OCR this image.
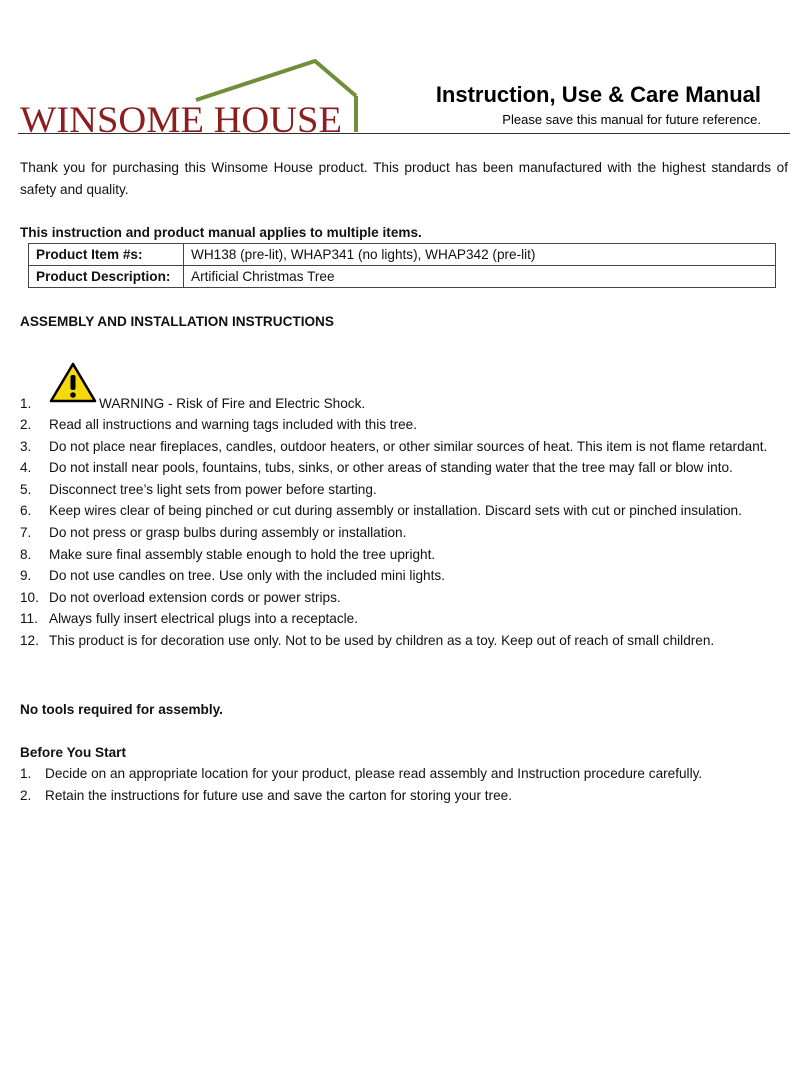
WINSOME HOUSE
Instruction, Use & Care Manual
Please save this manual for future reference.
Thank you for purchasing this Winsome House product. This product has been manufactured with the highest standards of safety and quality.
This instruction and product manual applies to multiple items.
Product Item #s:	WH138 (pre-lit), WHAP341 (no lights), WHAP342 (pre-lit)
Product Description:	Artificial Christmas Tree
ASSEMBLY AND INSTALLATION INSTRUCTIONS
1.	WARNING - Risk of Fire and Electric Shock.
2. Read all instructions and warning tags included with this tree.
3. Do not place near fireplaces, candles, outdoor heaters, or other similar sources of heat. This item is not flame retardant.
4. Do not install near pools, fountains, tubs, sinks, or other areas of standing water that the tree may fall or blow into.
5. Disconnect tree’s light sets from power before starting.
6. Keep wires clear of being pinched or cut during assembly or installation. Discard sets with cut or pinched insulation.
7. Do not press or grasp bulbs during assembly or installation.
8. Make sure final assembly stable enough to hold the tree upright.
9. Do not use candles on tree. Use only with the included mini lights.
10. Do not overload extension cords or power strips.
11. Always fully insert electrical plugs into a receptacle.
12. This product is for decoration use only. Not to be used by children as a toy. Keep out of reach of small children.
No tools required for assembly.
Before You Start
1. Decide on an appropriate location for your product, please read assembly and Instruction procedure carefully.
2. Retain the instructions for future use and save the carton for storing your tree.
